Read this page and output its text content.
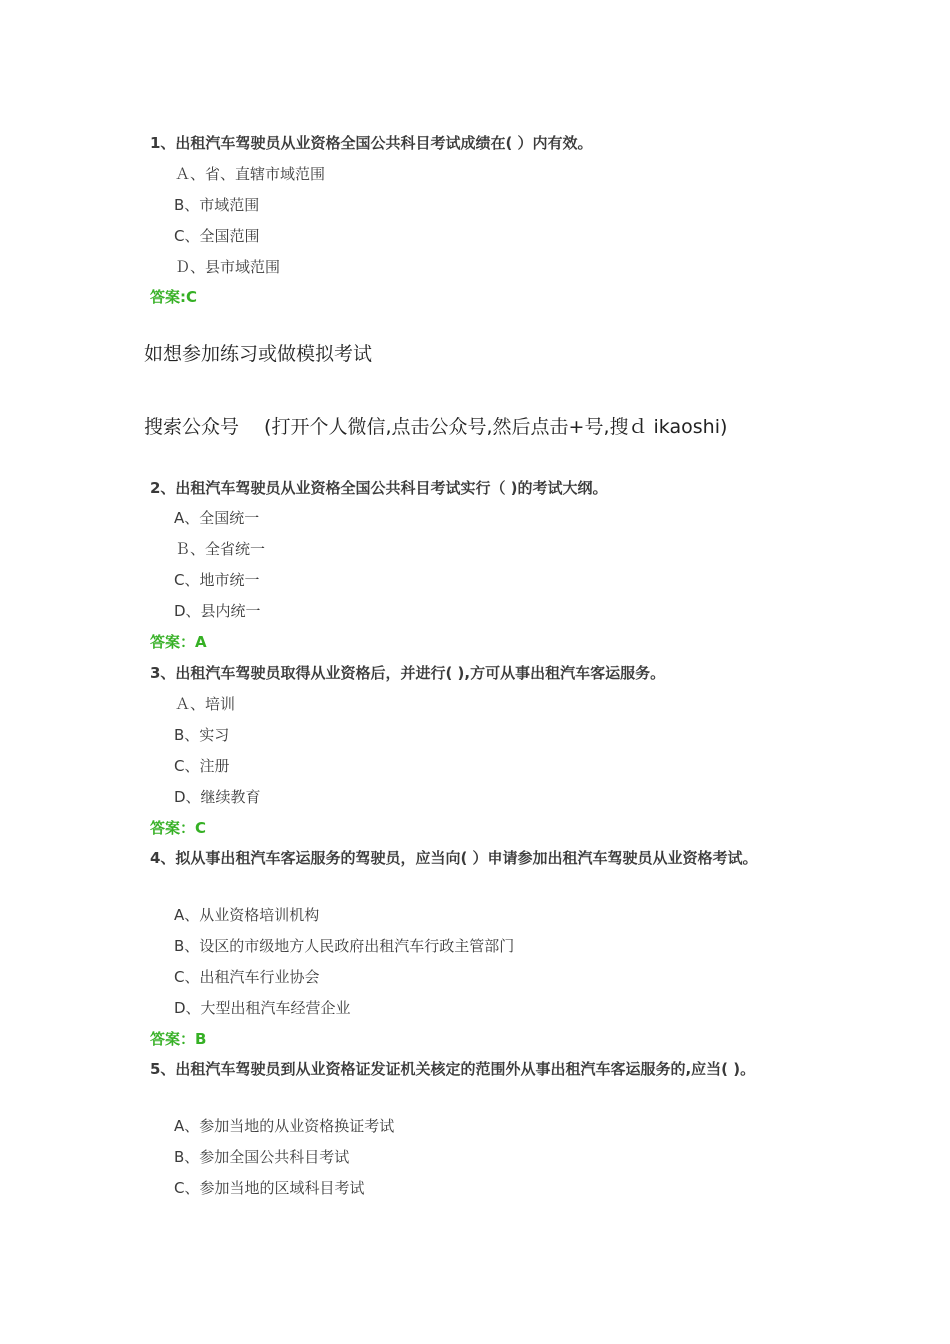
1、出租汽车驾驶员从业资格全国公共科目考试成绩在( ）内有效。
Ａ、省、直辖市域范围
B、市域范围
C、全国范围
Ｄ、县市域范围
答案:C
如想参加练习或做模拟考试
搜索公众号　 (打开个人微信,点击公众号,然后点击+号,搜ｄ ikaoshi)
2、出租汽车驾驶员从业资格全国公共科目考试实行（ )的考试大纲。
A、全国统一
Ｂ、全省统一
C、地市统一
D、县内统一
答案：A
3、出租汽车驾驶员取得从业资格后，并进行( ),方可从事出租汽车客运服务。
Ａ、培训
B、实习
C、注册
D、继续教育
答案：C
4、拟从事出租汽车客运服务的驾驶员，应当向( ）申请参加出租汽车驾驶员从业资格考试。
A、从业资格培训机构
B、设区的市级地方人民政府出租汽车行政主管部门
C、出租汽车行业协会
D、大型出租汽车经营企业
答案：B
5、出租汽车驾驶员到从业资格证发证机关核定的范围外从事出租汽车客运服务的,应当( )。
A、参加当地的从业资格换证考试
B、参加全国公共科目考试
C、参加当地的区域科目考试
